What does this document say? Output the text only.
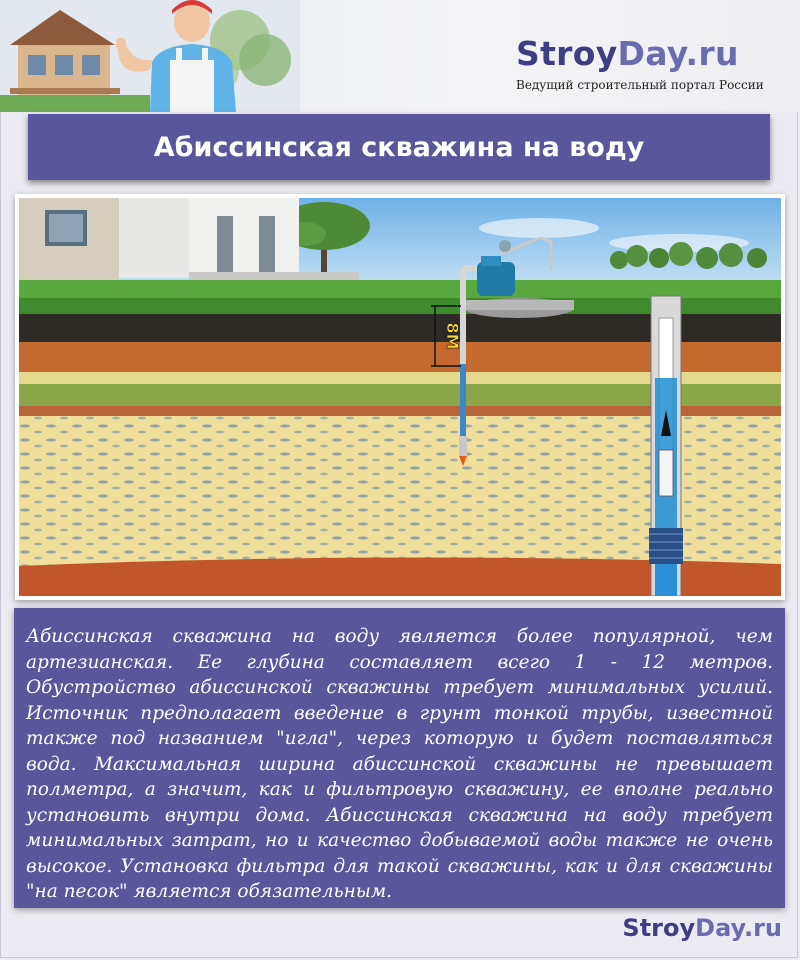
StroyDay.ru
Ведущий строительный портал России
Абиссинская скважина на воду
8М

Абиссинская скважина на воду является более популярной, чем артезианская. Ее глубина составляет всего 1 - 12 метров. Обустройство абиссинской скважины требует минимальных усилий. Источник предполагает введение в грунт тонкой трубы, известной также под названием "игла", через которую и будет поставляться вода. Максимальная ширина абиссинской скважины не превышает полметра, а значит, как и фильтровую скважину, ее вполне реально установить внутри дома. Абиссинская скважина на воду требует минимальных затрат, но и качество добываемой воды также не очень высокое. Установка фильтра для такой скважины, как и для скважины "на песок" является обязательным.

StroyDay.ru
